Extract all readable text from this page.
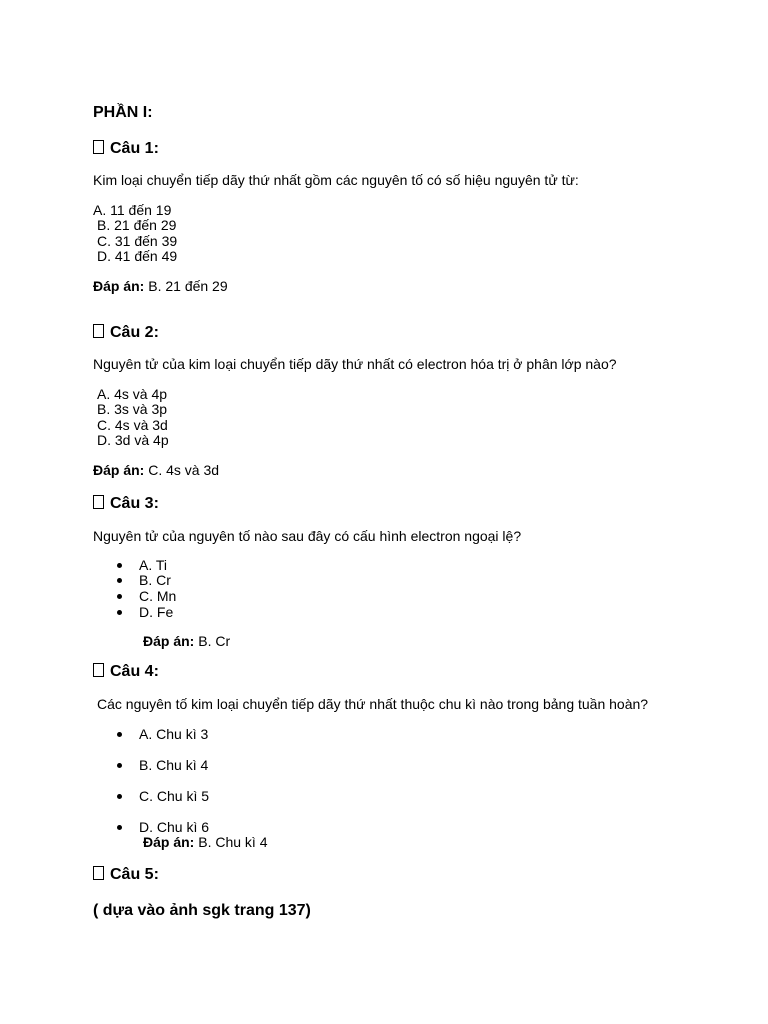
PHẦN I:
Câu 1:
Kim loại chuyển tiếp dãy thứ nhất gồm các nguyên tố có số hiệu nguyên tử từ:
A. 11 đến 19
B. 21 đến 29
C. 31 đến 39
D. 41 đến 49
Đáp án: B. 21 đến 29
Câu 2:
Nguyên tử của kim loại chuyển tiếp dãy thứ nhất có electron hóa trị ở phân lớp nào?
A. 4s và 4p
B. 3s và 3p
C. 4s và 3d
D. 3d và 4p
Đáp án: C. 4s và 3d
Câu 3:
Nguyên tử của nguyên tố nào sau đây có cấu hình electron ngoại lệ?
A. Ti
B. Cr
C. Mn
D. Fe
Đáp án: B. Cr
Câu 4:
Các nguyên tố kim loại chuyển tiếp dãy thứ nhất thuộc chu kì nào trong bảng tuần hoàn?
A. Chu kì 3
B. Chu kì 4
C. Chu kì 5
D. Chu kì 6
Đáp án: B. Chu kì 4
Câu 5:
( dựa vào ảnh sgk trang 137)
